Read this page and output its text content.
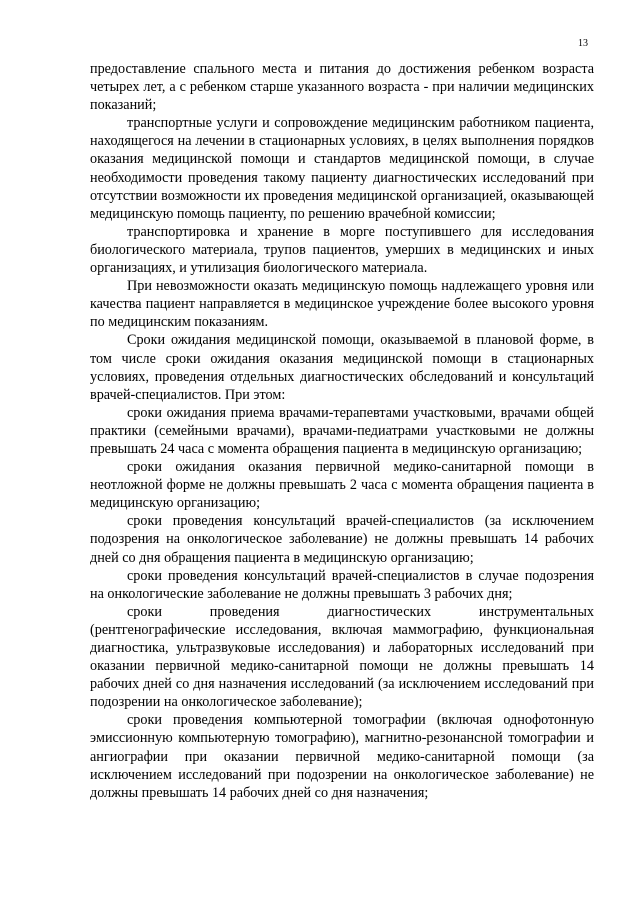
13

предоставление спального места и питания до достижения ребенком возраста четырех лет, а с ребенком старше указанного возраста - при наличии медицинских показаний;

транспортные услуги и сопровождение медицинским работником пациента, находящегося на лечении в стационарных условиях, в целях выполнения порядков оказания медицинской помощи и стандартов медицинской помощи, в случае необходимости проведения такому пациенту диагностических исследований при отсутствии возможности их проведения медицинской организацией, оказывающей медицинскую помощь пациенту, по решению врачебной комиссии;

транспортировка и хранение в морге поступившего для исследования биологического материала, трупов пациентов, умерших в медицинских и иных организациях, и утилизация биологического материала.

При невозможности оказать медицинскую помощь надлежащего уровня или качества пациент направляется в медицинское учреждение более высокого уровня по медицинским показаниям.

Сроки ожидания медицинской помощи, оказываемой в плановой форме, в том числе сроки ожидания оказания медицинской помощи в стационарных условиях, проведения отдельных диагностических обследований и консультаций врачей-специалистов. При этом:

сроки ожидания приема врачами-терапевтами участковыми, врачами общей практики (семейными врачами), врачами-педиатрами участковыми не должны превышать 24 часа с момента обращения пациента в медицинскую организацию;

сроки ожидания оказания первичной медико-санитарной помощи в неотложной форме не должны превышать 2 часа с момента обращения пациента в медицинскую организацию;

сроки проведения консультаций врачей-специалистов (за исключением подозрения на онкологическое заболевание) не должны превышать 14 рабочих дней со дня обращения пациента в медицинскую организацию;

сроки проведения консультаций врачей-специалистов в случае подозрения на онкологические заболевание не должны превышать 3 рабочих дня;

сроки проведения диагностических инструментальных (рентгенографические исследования, включая маммографию, функциональная диагностика, ультразвуковые исследования) и лабораторных исследований при оказании первичной медико-санитарной помощи не должны превышать 14 рабочих дней со дня назначения исследований (за исключением исследований при подозрении на онкологическое заболевание);

сроки проведения компьютерной томографии (включая однофотонную эмиссионную компьютерную томографию), магнитно-резонансной томографии и ангиографии при оказании первичной медико-санитарной помощи (за исключением исследований при подозрении на онкологическое заболевание) не должны превышать 14 рабочих дней со дня назначения;
